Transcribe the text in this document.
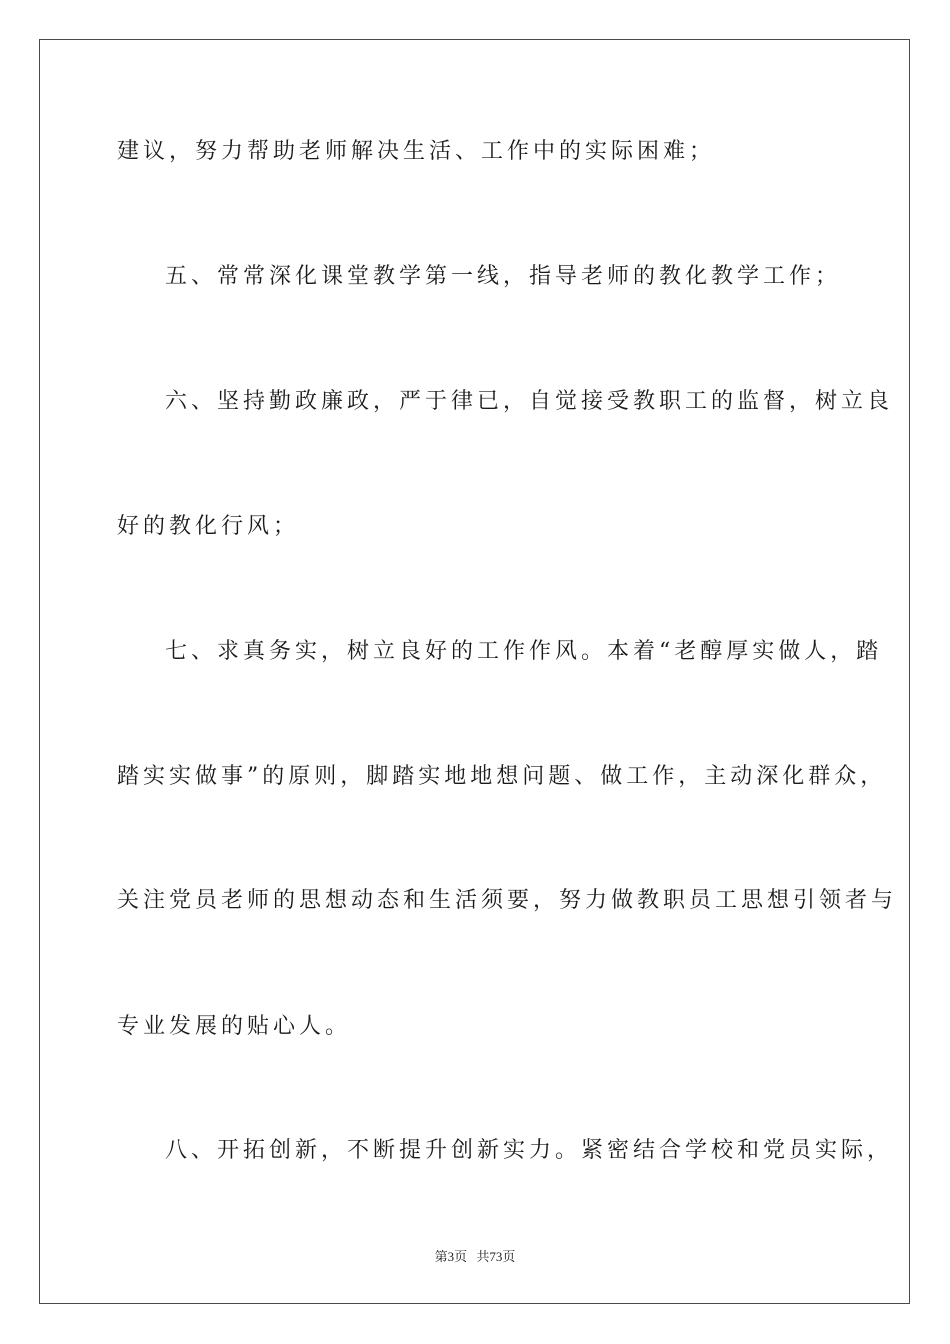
建议，努力帮助老师解决生活、工作中的实际困难；
五、常常深化课堂教学第一线，指导老师的教化教学工作；
六、坚持勤政廉政，严于律已，自觉接受教职工的监督，树立良
好的教化行风；
七、求真务实，树立良好的工作作风。本着“老醇厚实做人，踏
踏实实做事”的原则，脚踏实地地想问题、做工作，主动深化群众，
关注党员老师的思想动态和生活须要，努力做教职员工思想引领者与
专业发展的贴心人。
八、开拓创新，不断提升创新实力。紧密结合学校和党员实际，
第3页 共73页
